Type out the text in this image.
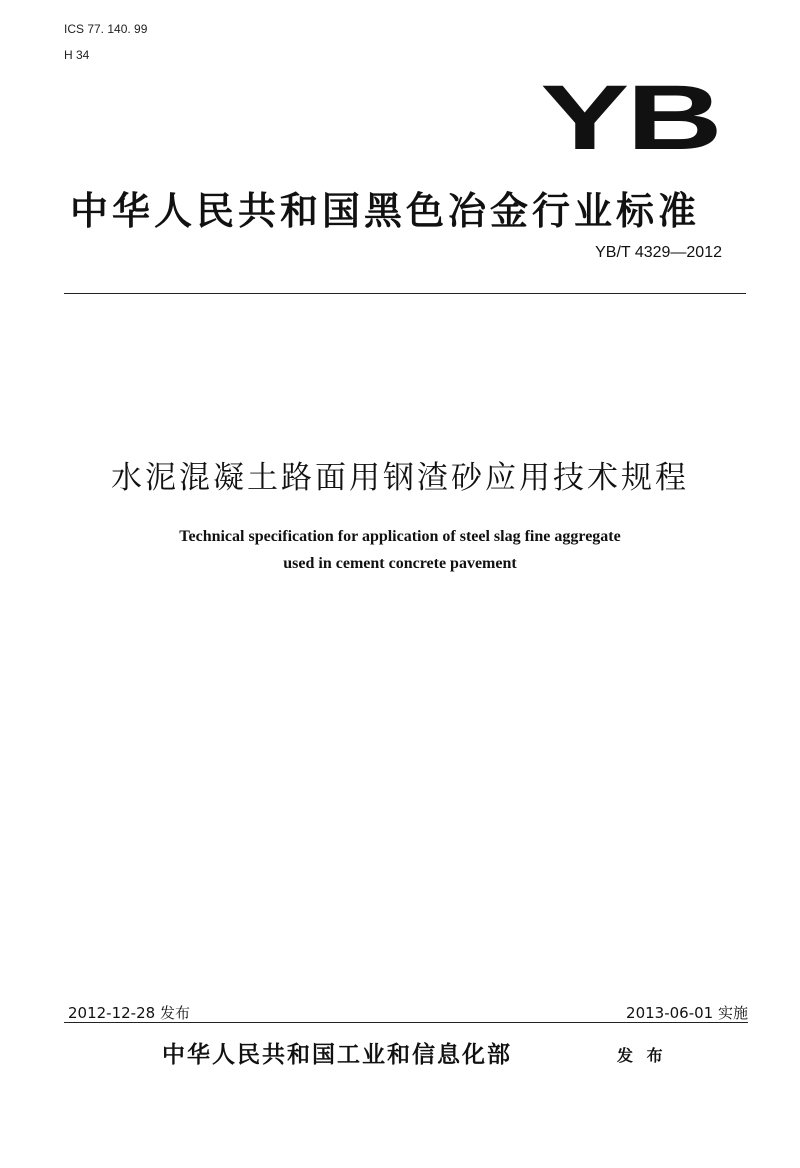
ICS 77. 140. 99
H 34
YB
中华人民共和国黑色冶金行业标准
YB/T 4329—2012
水泥混凝土路面用钢渣砂应用技术规程
Technical specification for application of steel slag fine aggregate
used in cement concrete pavement
2012-12-28 发布	2013-06-01 实施
中华人民共和国工业和信息化部	发 布
